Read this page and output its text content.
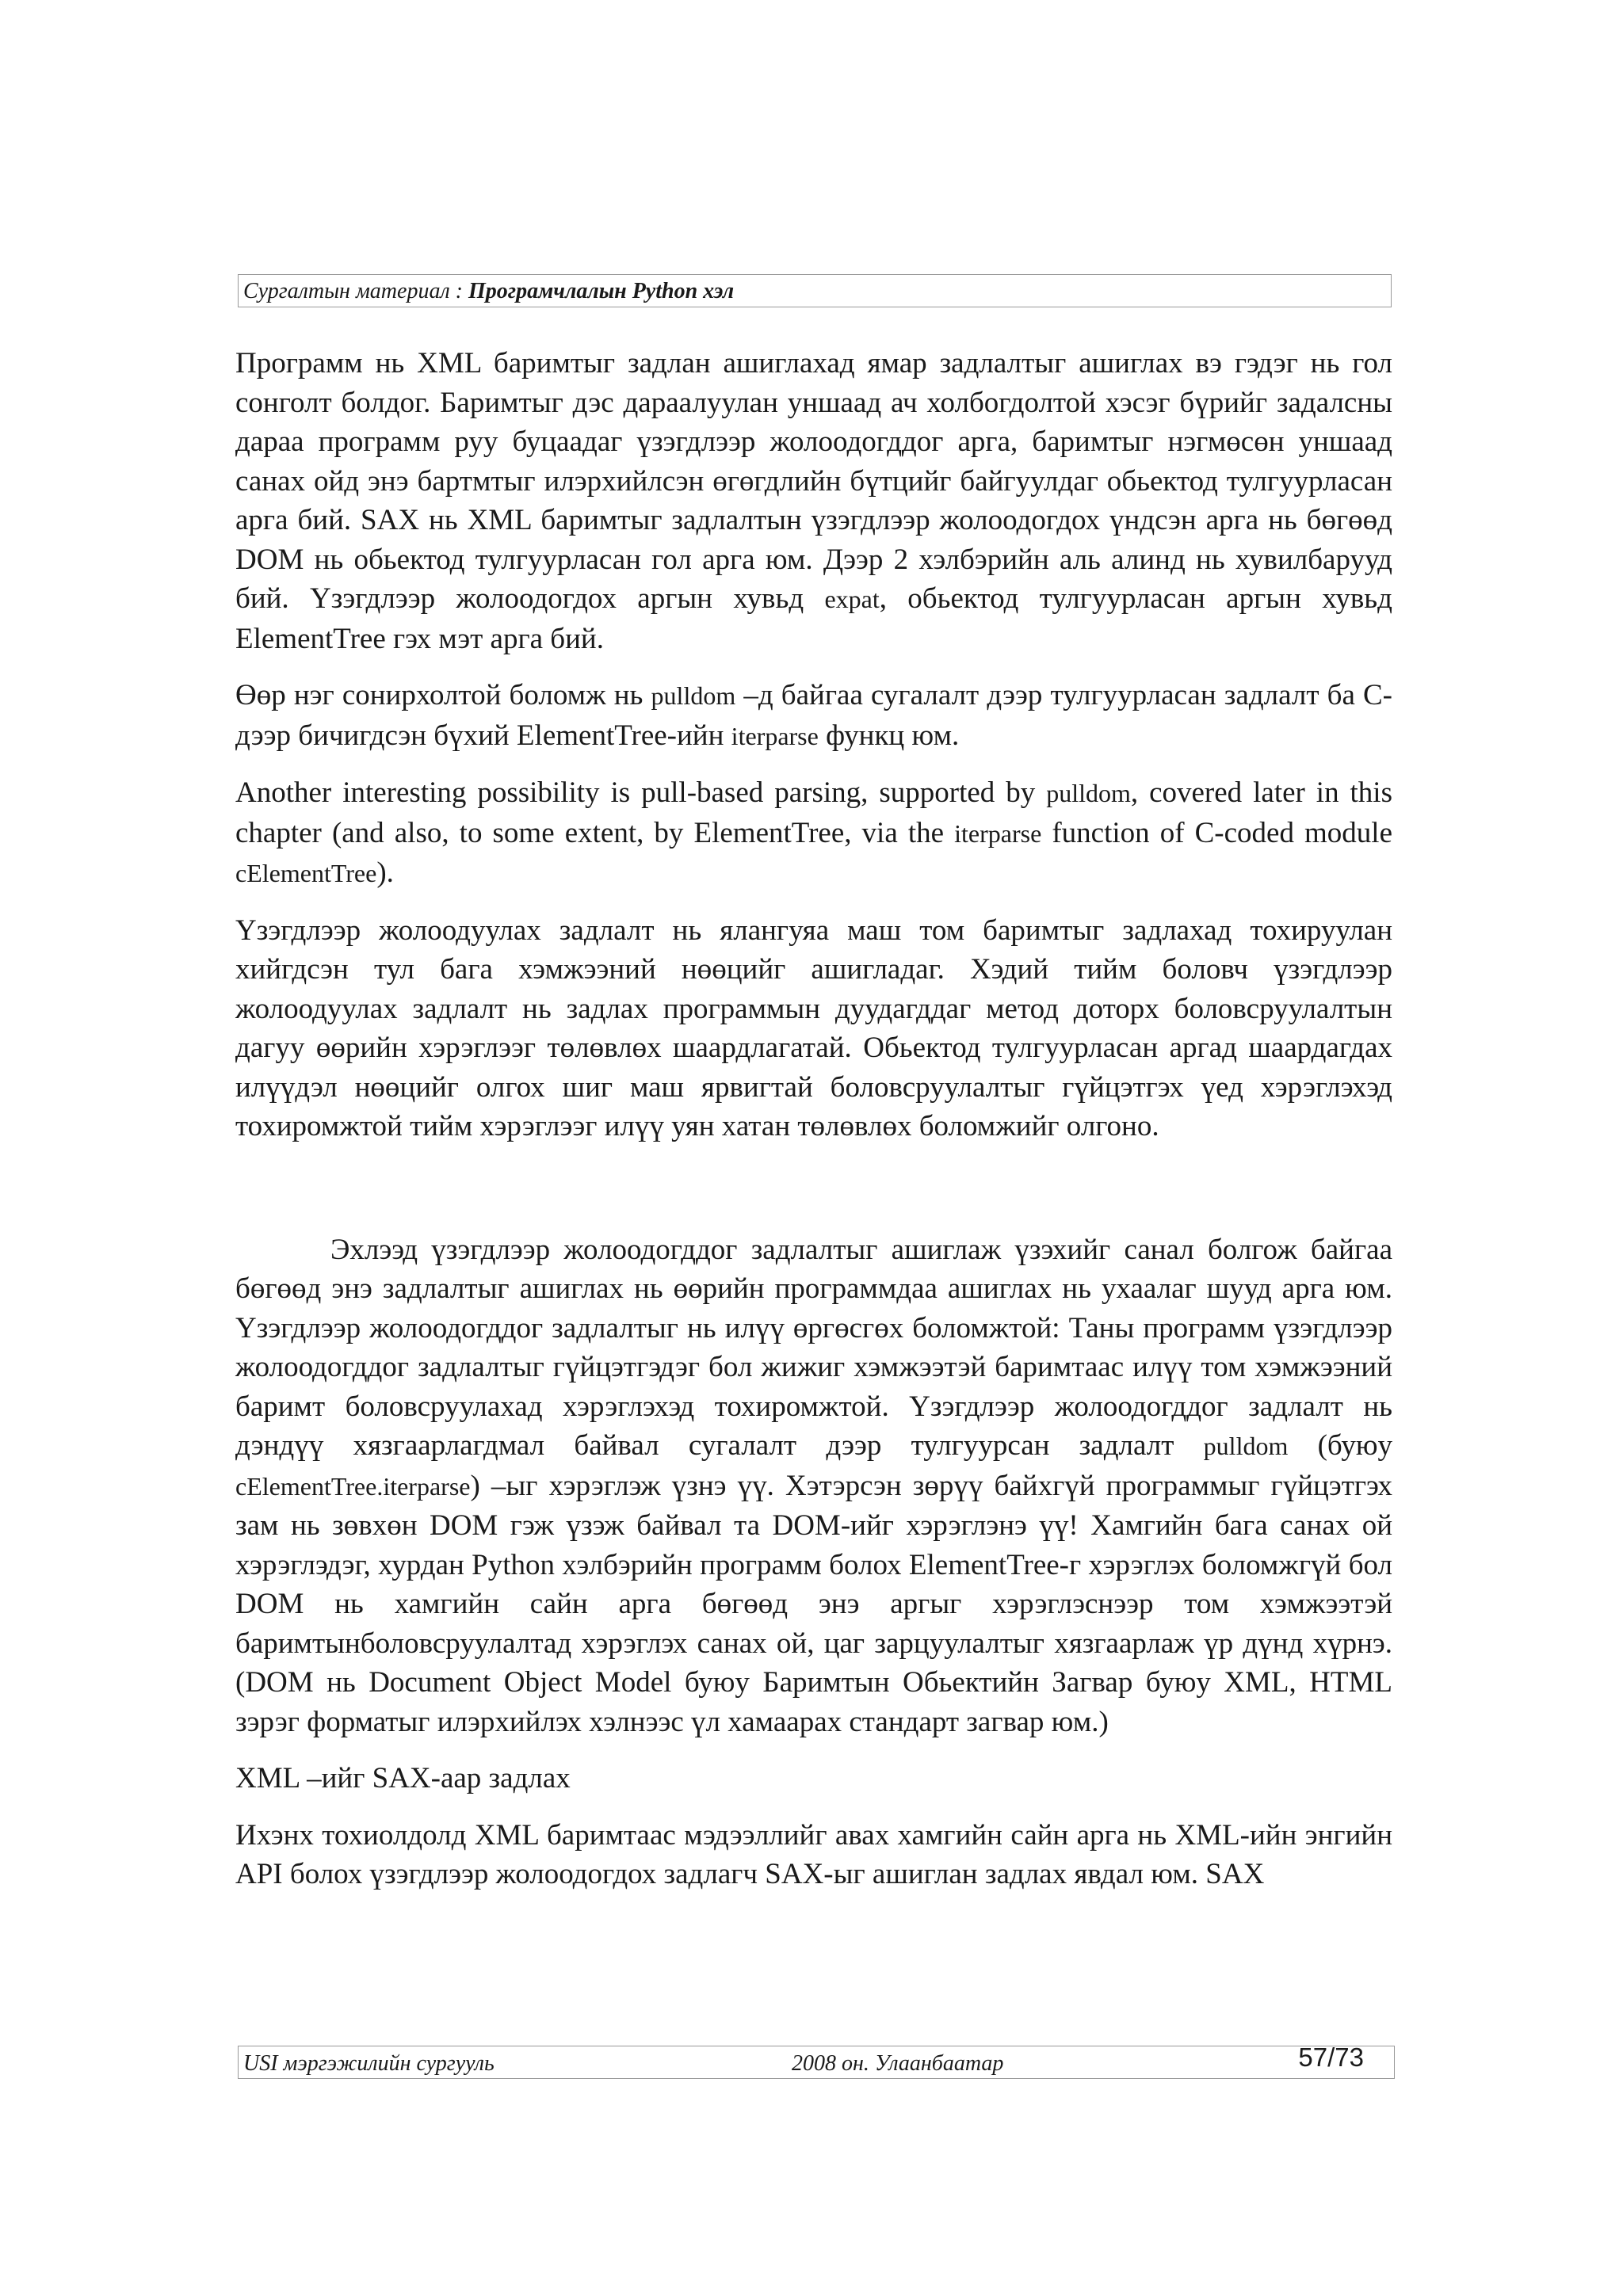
Сургалтын материал : Програмчлалын Python хэл

Программ нь XML баримтыг задлан ашиглахад ямар задлалтыг ашиглах вэ гэдэг нь гол сонголт болдог. Баримтыг дэс дараалуулан уншаад ач холбогдолтой хэсэг бүрийг задалсны дараа программ руу буцаадаг үзэгдлээр жолоодогддог арга, баримтыг нэгмөсөн уншаад санах ойд энэ бартмтыг илэрхийлсэн өгөгдлийн бүтцийг байгуулдаг обьектод тулгуурласан арга бий. SAX нь XML баримтыг задлалтын үзэгдлээр жолоодогдох үндсэн арга нь бөгөөд DOM нь обьектод тулгуурласан гол арга юм. Дээр 2 хэлбэрийн аль алинд нь хувилбарууд бий. Үзэгдлээр жолоодогдох аргын хувьд expat, обьектод тулгуурласан аргын хувьд ElementTree гэх мэт арга бий.

Өөр нэг сонирхолтой боломж нь pulldom –д байгаа сугалалт дээр тулгуурласан задлалт ба C-дээр бичигдсэн бүхий ElementTree-ийн iterparse функц юм.

Another interesting possibility is pull-based parsing, supported by pulldom, covered later in this chapter (and also, to some extent, by ElementTree, via the iterparse function of C-coded module cElementTree).

Үзэгдлээр жолоодуулах задлалт нь ялангуяа маш том баримтыг задлахад тохируулан хийгдсэн тул бага хэмжээний нөөцийг ашигладаг. Хэдий тийм боловч үзэгдлээр жолоодуулах задлалт нь задлах программын дуудагддаг метод доторх боловсруулалтын дагуу өөрийн хэрэглээг төлөвлөх шаардлагатай. Обьектод тулгуурласан аргад шаардагдах илүүдэл нөөцийг олгох шиг маш ярвигтай боловсруулалтыг гүйцэтгэх үед хэрэглэхэд тохиромжтой тийм хэрэглээг илүү уян хатан төлөвлөх боломжийг олгоно.

Эхлээд үзэгдлээр жолоодогддог задлалтыг ашиглаж үзэхийг санал болгож байгаа бөгөөд энэ задлалтыг ашиглах нь өөрийн программдаа ашиглах нь ухаалаг шууд арга юм. Үзэгдлээр жолоодогддог задлалтыг нь илүү өргөсгөх боломжтой: Таны программ үзэгдлээр жолоодогддог задлалтыг гүйцэтгэдэг бол жижиг хэмжээтэй баримтаас илүү том хэмжээний баримт боловсруулахад хэрэглэхэд тохиромжтой. Үзэгдлээр жолоодогддог задлалт нь дэндүү хязгаарлагдмал байвал сугалалт дээр тулгуурсан задлалт pulldom (буюу cElementTree.iterparse) –ыг хэрэглэж үзнэ үү. Хэтэрсэн зөрүү байхгүй программыг гүйцэтгэх зам нь зөвхөн DOM гэж үзэж байвал та DOM-ийг хэрэглэнэ үү! Хамгийн бага санах ой хэрэглэдэг, хурдан Python хэлбэрийн программ болох ElementTree-г хэрэглэх боломжгүй бол DOM нь хамгийн сайн арга бөгөөд энэ аргыг хэрэглэснээр том хэмжээтэй баримтынболовсруулалтад хэрэглэх санах ой, цаг зарцуулалтыг хязгаарлаж үр дүнд хүрнэ.(DOM нь Document Object Model буюу Баримтын Обьектийн Загвар буюу XML, HTML зэрэг форматыг илэрхийлэх хэлнээс үл хамаарах стандарт загвар юм.)

XML –ийг SAX-аар задлах

Ихэнх тохиолдолд XML баримтаас мэдээллийг авах хамгийн сайн арга нь XML-ийн энгийн API болох үзэгдлээр жолоодогдох задлагч SAX-ыг ашиглан задлах явдал юм. SAX

USI мэргэжилийн сургууль	2008 он. Улаанбаатар	57/73
